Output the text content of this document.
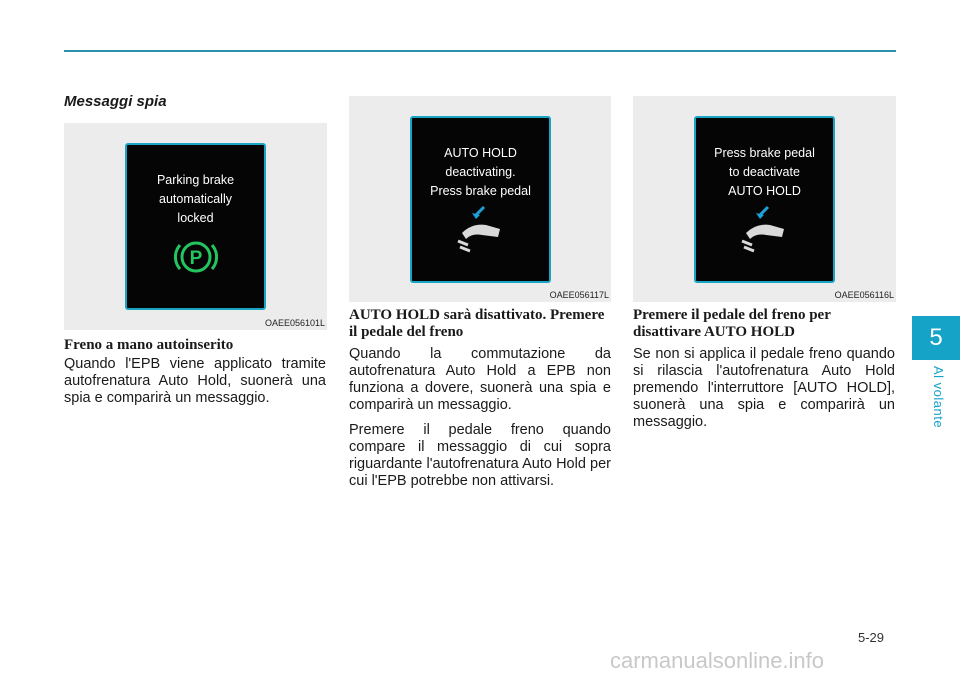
5
Al volante
Messaggi spia
Parking brake
automatically
locked
P
OAEE056101L
Freno a mano autoinserito

Quando l'EPB viene applicato tramite autofrenatura Auto Hold, suonerà una spia e comparirà un messaggio.

AUTO HOLD
deactivating.
Press brake pedal
OAEE056117L
AUTO HOLD sarà disattivato. Premere il pedale del freno

Quando la commutazione da autofrenatura Auto Hold a EPB non funziona a dovere, suonerà una spia e comparirà un messaggio.

Premere il pedale freno quando compare il messaggio di cui sopra riguardante l'autofrenatura Auto Hold per cui l'EPB potrebbe non attivarsi.

Press brake pedal
to deactivate
AUTO HOLD
OAEE056116L
Premere il pedale del freno per disattivare AUTO HOLD

Se non si applica il pedale freno quando si rilascia l'autofrenatura Auto Hold premendo l'interruttore [AUTO HOLD], suonerà una spia e comparirà un messaggio.

5-29
carmanualsonline.info
